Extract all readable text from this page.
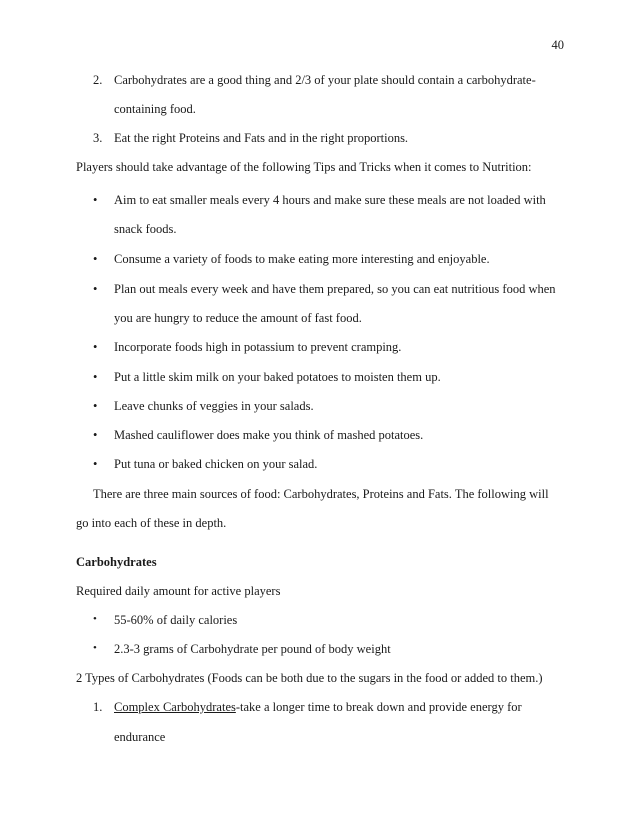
40
2. Carbohydrates are a good thing and 2/3 of your plate should contain a carbohydrate-
containing food.
3. Eat the right Proteins and Fats and in the right proportions.
Players should take advantage of the following Tips and Tricks when it comes to Nutrition:
• Aim to eat smaller meals every 4 hours and make sure these meals are not loaded with
snack foods.
• Consume a variety of foods to make eating more interesting and enjoyable.
• Plan out meals every week and have them prepared, so you can eat nutritious food when
you are hungry to reduce the amount of fast food.
• Incorporate foods high in potassium to prevent cramping.
• Put a little skim milk on your baked potatoes to moisten them up.
• Leave chunks of veggies in your salads.
• Mashed cauliflower does make you think of mashed potatoes.
• Put tuna or baked chicken on your salad.
There are three main sources of food: Carbohydrates, Proteins and Fats. The following will
go into each of these in depth.
Carbohydrates
Required daily amount for active players
• 55-60% of daily calories
• 2.3-3 grams of Carbohydrate per pound of body weight
2 Types of Carbohydrates (Foods can be both due to the sugars in the food or added to them.)
1. Complex Carbohydrates-take a longer time to break down and provide energy for
endurance
